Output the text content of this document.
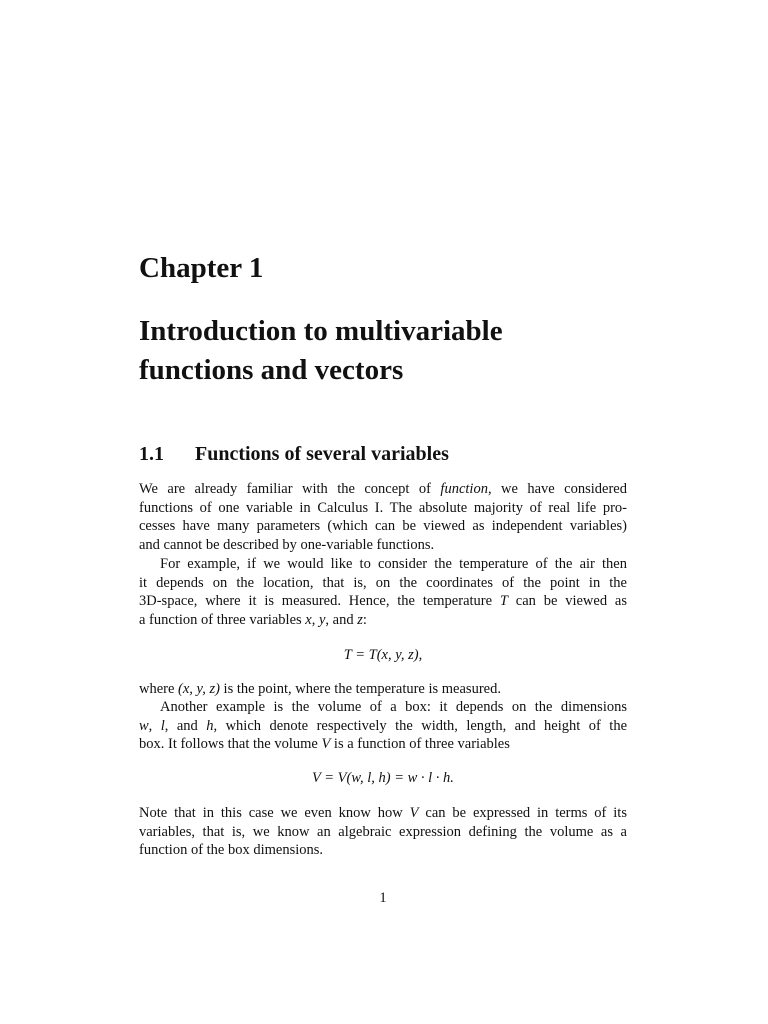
Chapter 1
Introduction to multivariable
functions and vectors
1.1 Functions of several variables
We are already familiar with the concept of function, we have considered
functions of one variable in Calculus I. The absolute majority of real life pro-
cesses have many parameters (which can be viewed as independent variables)
and cannot be described by one-variable functions.
For example, if we would like to consider the temperature of the air then
it depends on the location, that is, on the coordinates of the point in the
3D-space, where it is measured. Hence, the temperature T can be viewed as
a function of three variables x, y, and z:
T = T(x, y, z),
where (x, y, z) is the point, where the temperature is measured.
Another example is the volume of a box: it depends on the dimensions
w, l, and h, which denote respectively the width, length, and height of the
box. It follows that the volume V is a function of three variables
V = V(w, l, h) = w · l · h.
Note that in this case we even know how V can be expressed in terms of its
variables, that is, we know an algebraic expression defining the volume as a
function of the box dimensions.
1
